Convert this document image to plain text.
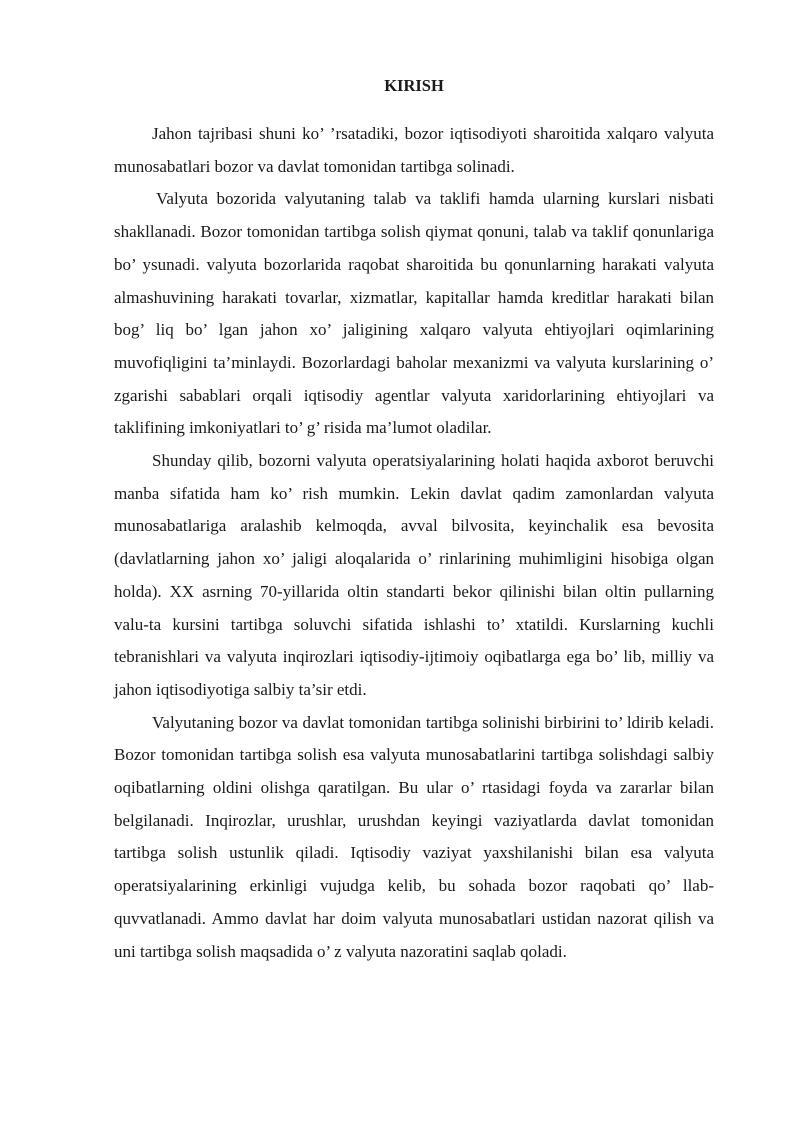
KIRISH

Jahon tajribasi shuni ko’ ’rsatadiki, bozor iqtisodiyoti sharoitida xalqaro valyuta munosabatlari bozor va davlat tomonidan tartibga solinadi.

Valyuta bozorida valyutaning talab va taklifi hamda ularning kurslari nisbati shakllanadi. Bozor tomonidan tartibga solish qiymat qonuni, talab va taklif qonunlariga bo’ ysunadi. valyuta bozorlarida raqobat sharoitida bu qonunlarning harakati valyuta almashuvining harakati tovarlar, xizmatlar, kapitallar hamda kreditlar harakati bilan bog’ liq bo’ lgan jahon xo’ jaligining xalqaro valyuta ehtiyojlari oqimlarining muvofiqligini ta’minlaydi. Bozorlardagi baholar mexanizmi va valyuta kurslarining o’ zgarishi sabablari orqali iqtisodiy agentlar valyuta xaridorlarining ehtiyojlari va taklifining imkoniyatlari to’ g’ risida ma’lumot oladilar.

Shunday qilib, bozorni valyuta operatsiyalarining holati haqida axborot beruvchi manba sifatida ham ko’ rish mumkin. Lekin davlat qadim zamonlardan valyuta munosabatlariga aralashib kelmoqda, avval bilvosita, keyinchalik esa bevosita (davlatlarning jahon xo’ jaligi aloqalarida o’ rinlarining muhimligini hisobiga olgan holda). XX asrning 70-yillarida oltin standarti bekor qilinishi bilan oltin pullarning valu-ta kursini tartibga soluvchi sifatida ishlashi to’ xtatildi. Kurslarning kuchli tebranishlari va valyuta inqirozlari iqtisodiy-ijtimoiy oqibatlarga ega bo’ lib, milliy va jahon iqtisodiyotiga salbiy ta’sir etdi.

Valyutaning bozor va davlat tomonidan tartibga solinishi birbirini to’ ldirib keladi. Bozor tomonidan tartibga solish esa valyuta munosabatlarini tartibga solishdagi salbiy oqibatlarning oldini olishga qaratilgan. Bu ular o’ rtasidagi foyda va zararlar bilan belgilanadi. Inqirozlar, urushlar, urushdan keyingi vaziyatlarda davlat tomonidan tartibga solish ustunlik qiladi. Iqtisodiy vaziyat yaxshilanishi bilan esa valyuta operatsiyalarining erkinligi vujudga kelib, bu sohada bozor raqobati qo’ llab-quvvatlanadi. Ammo davlat har doim valyuta munosabatlari ustidan nazorat qilish va uni tartibga solish maqsadida o’ z valyuta nazoratini saqlab qoladi.
